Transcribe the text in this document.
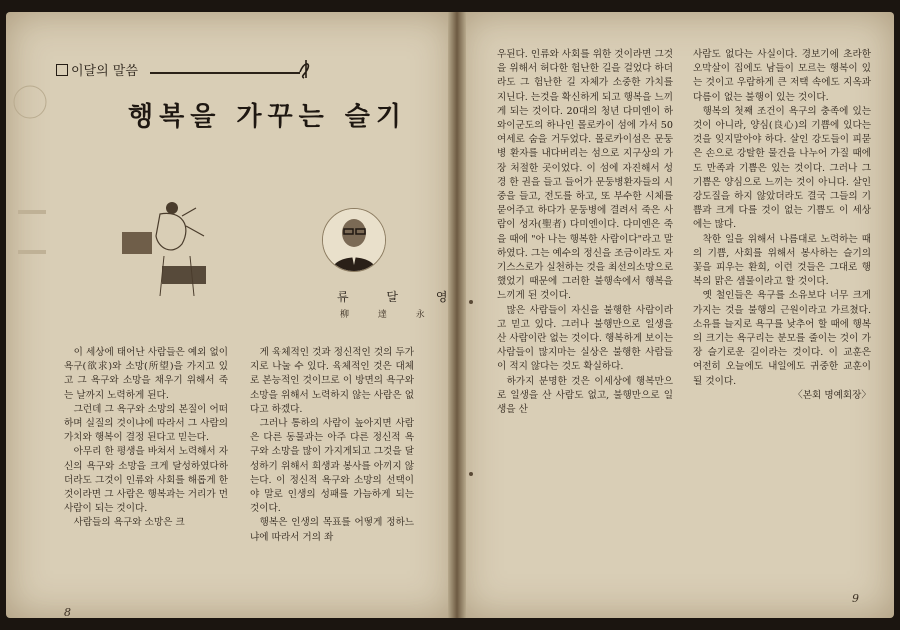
이달의 말씀
행복을 가꾸는 슬기
류 달 영
柳 達 永

이 세상에 태어난 사람들은 예외 없이 욕구(欲求)와 소망(所望)을 가지고 있고 그 욕구와 소망을 채우기 위해서 죽는 날까지 노력하게 된다.

그런데 그 욕구와 소망의 본질이 어떠하며 실질의 것이냐에 따라서 그 사람의 가치와 행복이 결정 된다고 믿는다.

아무리 한 평생을 바쳐서 노력해서 자신의 욕구와 소망을 크게 달성하였다하더라도 그것이 인류와 사회를 해롭게 한 것이라면 그 사람은 행복과는 거리가 먼 사람이 되는 것이다.

사람들의 욕구와 소망은 크

게 육체적인 것과 정신적인 것의 두가지로 나눌 수 있다. 육체적인 것은 대체로 본능적인 것이므로 이 방면의 욕구와 소망을 위해서 노력하지 않는 사람은 없다고 하겠다.

그러나 통하의 사람이 높아지면 사람은 다른 동물과는 아주 다른 정신적 욕구와 소망을 많이 가지게되고 그것을 달성하기 위해서 희생과 봉사를 아끼지 않는다. 이 정신적 욕구와 소망의 선택이야 말로 인생의 성패를 가늠하게 되는 것이다.

행복은 인생의 목표를 어떻게 정하느냐에 따라서 거의 좌

우된다. 인류와 사회를 위한 것이라면 그것을 위해서 허다한 험난한 길을 걸었다 하더라도 그 험난한 길 자체가 소중한 가치를 지닌다. 는것을 확신하게 되고 행복을 느끼게 되는 것이다. 20대의 청년 다미엔이 하와이군도의 하나인 몰로카이 섬에 가서 50여세로 숨을 거두었다. 몰로카이섬은 문둥병 환자를 내다버리는 섬으로 지구상의 가장 처절한 곳이었다. 이 섬에 자진해서 성경 한 권을 들고 들어가 문둥병환자들의 시중을 들고, 전도를 하고, 또 부수한 시체를 묻어주고 하다가 문둥병에 결려서 죽은 사람이 성자(聖者) 다미엔이다. 다미엔은 죽을 때에 "아 나는 행복한 사람이다"라고 말하였다. 그는 예수의 정신을 조금이라도 자기스스로가 실천하는 것을 최선의소망으로 했었기 때문에 그러한 불행속에서 행복을 느끼게 된 것이다.

많은 사람들이 자신을 불행한 사람이라고 믿고 있다. 그러나 불행만으로 일생을 산 사람이란 없는 것이다. 행복하게 보이는 사람들이 많지마는 실상은 불행한 사람들이 적지 않다는 것도 확실하다.

하가지 분명한 것은 이세상에 행복만으로 일생을 산 사람도 없고, 불행만으로 일생을 산

사람도 없다는 사실이다. 경보기에 초라한 오막살이 집에도 남들이 모르는 행복이 있는 것이고 우람하게 큰 저택 속에도 지옥과 다름이 없는 불행이 있는 것이다.

행복의 첫째 조건이 욕구의 충족에 있는 것이 아니라, 양심(良心)의 기쁨에 있다는 것을 잊지말아야 하다. 살인 강도들이 피묻은 손으로 강탈한 물건을 나누어 가질 때에도 만족과 기쁨은 있는 것이다. 그러나 그 기쁨은 양심으로 느끼는 것이 아니다. 살인 강도질을 하지 않았더라도 결국 그들의 기쁨과 크게 다를 것이 없는 기쁨도 이 세상에는 많다.

착한 일을 위해서 나름대로 노력하는 때의 기쁨, 사회를 위해서 봉사하는 슬기의 꽃을 피우는 환희, 이런 것들은 그대로 행복의 맑은 샘물이라고 할 것이다.

옛 철인들은 욕구를 소유보다 너무 크게 가지는 것을 불행의 근원이라고 가르쳤다. 소유를 늘지로 욕구를 낮추어 할 때에 행복의 크기는 욕구리는 분모를 줄이는 것이 가장 슬기로운 길이라는 것이다. 이 교훈은 여전히 오늘에도 내일에도 귀중한 교훈이 될 것이다.

〈본회 명예회장〉

8
9
